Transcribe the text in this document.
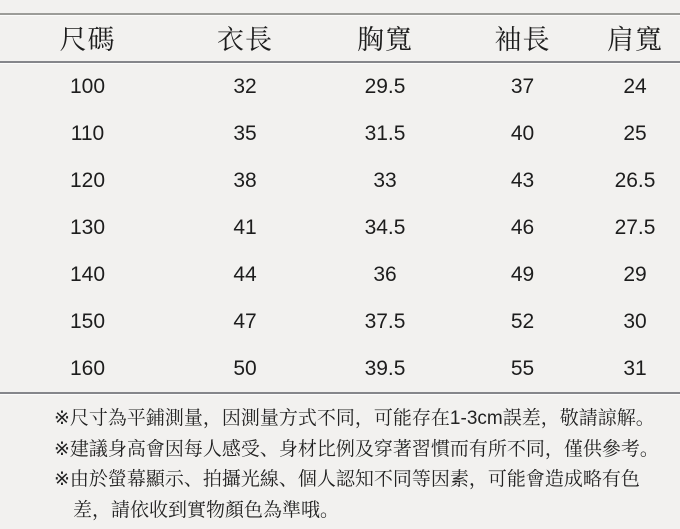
尺碼	衣長	胸寬	袖長	肩寬
100	32	29.5	37	24
110	35	31.5	40	25
120	38	33	43	26.5
130	41	34.5	46	27.5
140	44	36	49	29
150	47	37.5	52	30
160	50	39.5	55	31

※尺寸為平鋪測量，因測量方式不同，可能存在1-3cm誤差，敬請諒解。

※建議身高會因每人感受、身材比例及穿著習慣而有所不同，僅供參考。

※由於螢幕顯示、拍攝光線、個人認知不同等因素，可能會造成略有色

差，請依收到實物顏色為準哦。
